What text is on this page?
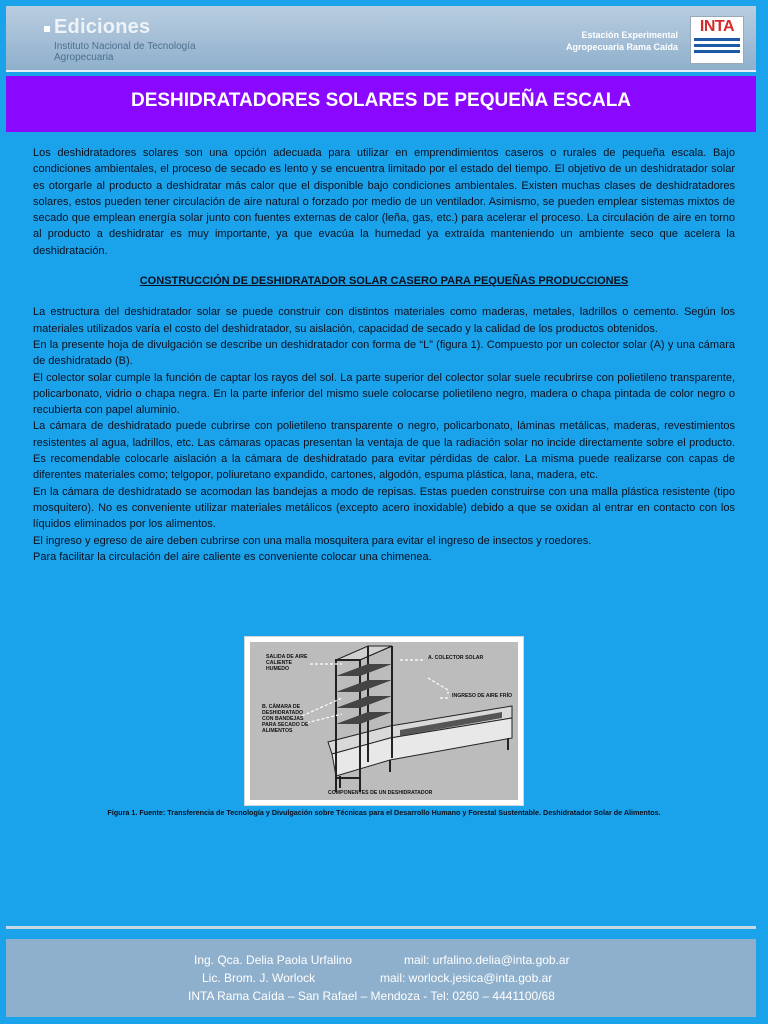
Ediciones
Instituto Nacional de Tecnología Agropecuaria
Estación Experimental
Agropecuaria Rama Caída
INTA
DESHIDRATADORES SOLARES DE PEQUEÑA ESCALA

Los deshidratadores solares son una opción adecuada para utilizar en emprendimientos caseros o rurales de pequeña escala. Bajo condiciones ambientales, el proceso de secado es lento y se encuentra limitado por el estado del tiempo. El objetivo de un deshidratador solar es otorgarle al producto a deshidratar más calor que el disponible bajo condiciones ambientales. Existen muchas clases de deshidratadores solares, estos pueden tener circulación de aire natural o forzado por medio de un ventilador. Asimismo, se pueden emplear sistemas mixtos de secado que emplean energía solar junto con fuentes externas de calor (leña, gas, etc.) para acelerar el proceso. La circulación de aire en torno al producto a deshidratar es muy importante, ya que evacúa la humedad ya extraída manteniendo un ambiente seco que acelera la deshidratación.

CONSTRUCCIÓN DE DESHIDRATADOR SOLAR CASERO PARA PEQUEÑAS PRODUCCIONES

La estructura del deshidratador solar se puede construir con distintos materiales como maderas, metales, ladrillos o cemento. Según los materiales utilizados varía el costo del deshidratador, su aislación, capacidad de secado y la calidad de los productos obtenidos.

En la presente hoja de divulgación se describe un deshidratador con forma de “L” (figura 1). Compuesto por un colector solar (A) y una cámara de deshidratado (B).

El colector solar cumple la función de captar los rayos del sol. La parte superior del colector solar suele recubrirse con polietileno transparente, policarbonato, vidrio o chapa negra. En la parte inferior del mismo suele colocarse polietileno negro, madera o chapa pintada de color negro o recubierta con papel aluminio.

La cámara de deshidratado puede cubrirse con polietileno transparente o negro, policarbonato, láminas metálicas, maderas, revestimientos resistentes al agua, ladrillos, etc. Las cámaras opacas presentan la ventaja de que la radiación solar no incide directamente sobre el producto. Es recomendable colocarle aislación a la cámara de deshidratado para evitar pérdidas de calor. La misma puede realizarse con capas de diferentes materiales como; telgopor, poliuretano expandido, cartones, algodón, espuma plástica, lana, madera, etc.

En la cámara de deshidratado se acomodan las bandejas a modo de repisas. Estas pueden construirse con una malla plástica resistente (tipo mosquitero). No es conveniente utilizar materiales metálicos (excepto acero inoxidable) debido a que se oxidan al entrar en contacto con los líquidos eliminados por los alimentos.

El ingreso y egreso de aire deben cubrirse con una malla mosquitera para evitar el ingreso de insectos y roedores.

Para facilitar la circulación del aire caliente es conveniente colocar una chimenea.

SALIDA DE AIRE
CALIENTE
HUMEDO
A. COLECTOR SOLAR
INGRESO DE AIRE FRÍO
B. CÁMARA DE
DESHIDRATADO
CON BANDEJAS
PARA SECADO DE
ALIMENTOS
COMPONENTES DE UN DESHIDRATADOR
Figura 1. Fuente: Transferencia de Tecnología y Divulgación sobre Técnicas para el Desarrollo Humano y Forestal Sustentable. Deshidratador Solar de Alimentos.
Ing. Qca. Delia Paola Urfalino	mail: urfalino.delia@inta.gob.ar
Lic. Brom. J. Worlock	mail: worlock.jesica@inta.gob.ar
INTA Rama Caída – San Rafael – Mendoza - Tel: 0260 – 4441100/68
